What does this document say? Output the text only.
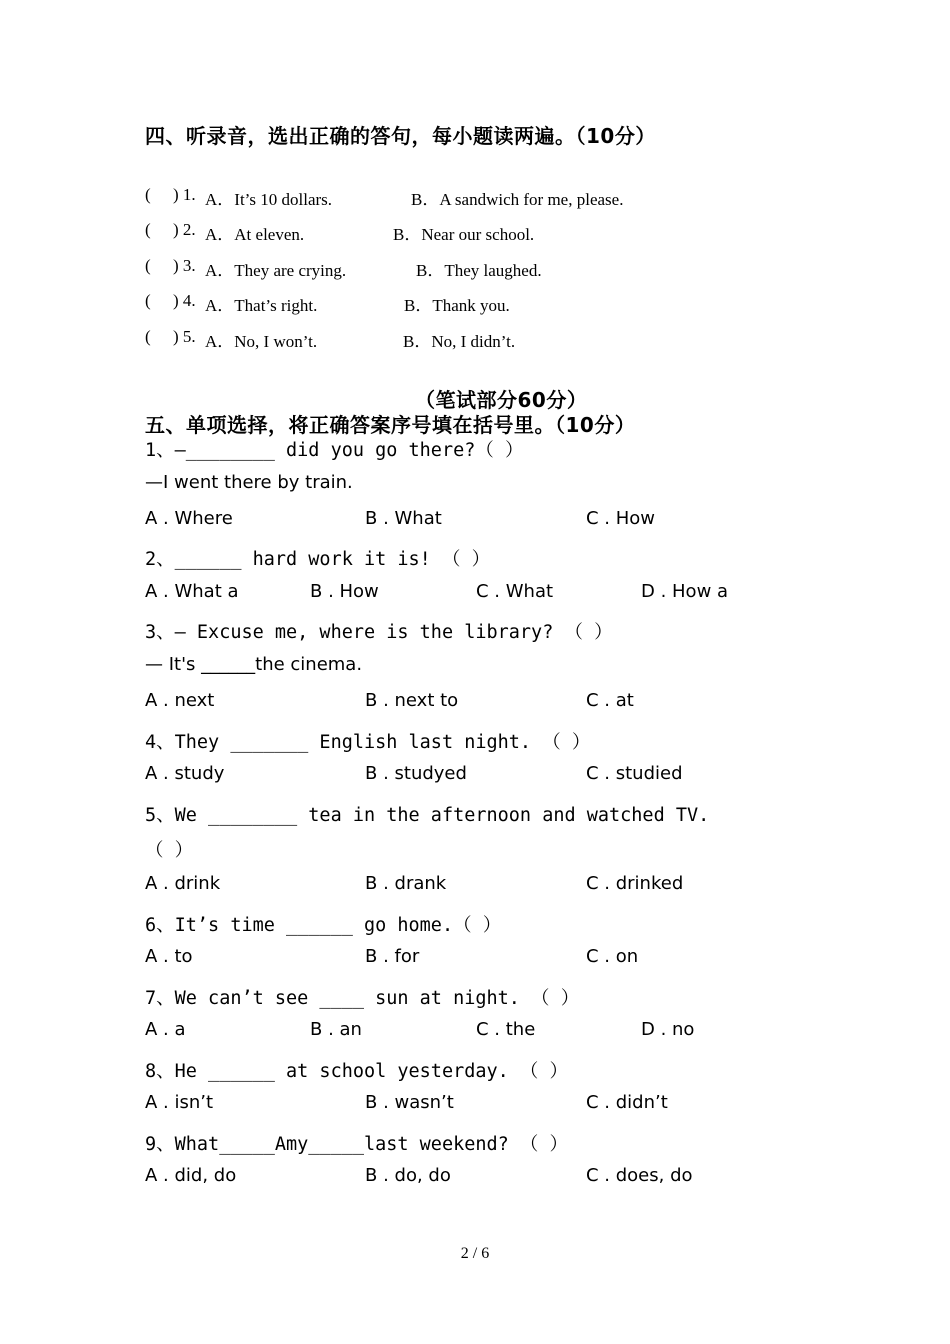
四、听录音，选出正确的答句，每小题读两遍。（10分）
( ) 1. A．It’s 10 dollars.	B．A sandwich for me, please.
( ) 2. A．At eleven.	B．Near our school.
( ) 3. A．They are crying.	B．They laughed.
( ) 4. A．That’s right.	B．Thank you.
( ) 5. A．No, I won’t.	B．No, I didn’t.
（笔试部分60分）
五、单项选择，将正确答案序号填在括号里。（10分）
1、—________ did you go there?（ ）
—I went there by train.
A . Where	B . What	C . How
2、______ hard work it is! （ ）
A . What a	B . How	C . What	D . How a
3、— Excuse me, where is the library? （ ）
— It's ______the cinema.
A . next	B . next to	C . at
4、They _______ English last night. （ ）
A . study	B . studyed	C . studied
5、We ________ tea in the afternoon and watched TV.
（ ）
A . drink	B . drank	C . drinked
6、It’s time ______ go home.（ ）
A . to	B . for	C . on
7、We can’t see ____ sun at night. （ ）
A . a	B . an	C . the	D . no
8、He ______ at school yesterday. （ ）
A . isn’t	B . wasn’t	C . didn’t
9、What_____Amy_____last weekend? （ ）
A . did, do	B . do, do	C . does, do
2 / 6
